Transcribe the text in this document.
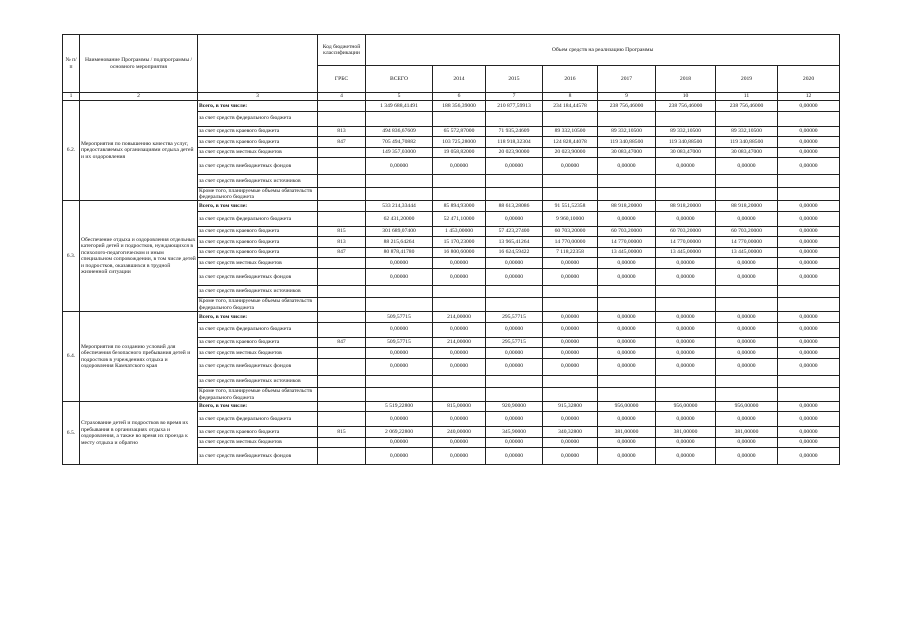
№ п/п	Наименование Программы / подпрограммы / основного мероприятия		Код бюджетной классификации	Объем средств на реализацию Программы							
			ГРБС	ВСЕГО	2014	2015	2016	2017	2018	2019	2020
1	2	3	4	5	6	7	8	9	10	11	12
6.2.	Мероприятия по повышению качества услуг, предоставляемых организациями отдыха детей и их оздоровления	Всего, в том числе:		1 349 688,41491	188 356,39000	210 877,59913	234 184,44578	238 756,46000	238 756,46000	238 756,46000	0,00000
		за счет средств федерального бюджета									
		за счет средств краевого бюджета	813	494 836,67609	65 572,87000	71 935,24609	89 332,10500	89 332,10500	89 332,10500	89 332,10500	0,00000
		за счет средств краевого бюджета	847	705 494,70882	103 725,28000	118 918,32304	124 828,44078	119 340,88500	119 340,88500	119 340,88500	0,00000
		за счет средств местных бюджетов		149 357,03000	19 058,82000	20 023,90000	20 023,90000	30 083,47000	30 083,47000	30 083,47000	0,00000
		за счет средств внебюджетных фондов		0,00000	0,00000	0,00000	0,00000	0,00000	0,00000	0,00000	0,00000
		за счет средств внебюджетных источников									
		Кроме того, планируемые объемы обязательств федерального бюджета									
6.3.	Обеспечение отдыха и оздоровления отдельных категорий детей и подростков, нуждающихся в психолого-педагогическом и иным специальном сопровождении, в том числе детей и подростков, оказавшихся в трудной жизненной ситуации	Всего, в том числе:		533 214,33444	85 894,93000	88 613,28086	91 551,52358	88 918,20000	88 918,20000	88 918,20000	0,00000
		за счет средств федерального бюджета		62 431,20000	52 471,10000	0,00000	9 960,10000	0,00000	0,00000	0,00000	0,00000
		за счет средств краевого бюджета	815	301 689,07400	1 453,00000	57 423,27400	60 703,20000	60 703,20000	60 703,20000	60 703,20000	0,00000
		за счет средств краевого бюджета	813	88 215,64264	15 170,23000	13 965,41264	14 770,00000	14 770,00000	14 770,00000	14 770,00000	0,00000
		за счет средств краевого бюджета	847	80 878,41780	16 800,60000	16 624,59422	7 118,22358	13 445,00000	13 445,00000	13 445,00000	0,00000
		за счет средств местных бюджетов		0,00000	0,00000	0,00000	0,00000	0,00000	0,00000	0,00000	0,00000
		за счет средств внебюджетных фондов		0,00000	0,00000	0,00000	0,00000	0,00000	0,00000	0,00000	0,00000
		за счет средств внебюджетных источников									
		Кроме того, планируемые объемы обязательств федерального бюджета									
6.4.	Мероприятия по созданию условий для обеспечения безопасного пребывания детей и подростков в учреждениях отдыха и оздоровления Камчатского края	Всего, в том числе:		509,57715	214,00000	295,57715	0,00000	0,00000	0,00000	0,00000	0,00000
		за счет средств федерального бюджета		0,00000	0,00000	0,00000	0,00000	0,00000	0,00000	0,00000	0,00000
		за счет средств краевого бюджета	847	509,57715	214,00000	295,57715	0,00000	0,00000	0,00000	0,00000	0,00000
		за счет средств местных бюджетов		0,00000	0,00000	0,00000	0,00000	0,00000	0,00000	0,00000	0,00000
		за счет средств внебюджетных фондов		0,00000	0,00000	0,00000	0,00000	0,00000	0,00000	0,00000	0,00000
		за счет средств внебюджетных источников									
		Кроме того, планируемые объемы обязательств федерального бюджета									
6.5.	Страхование детей и подростков во время их пребывания в организациях отдыха и оздоровления, а также во время их проезда к месту отдыха и обратно	Всего, в том числе:		5 519,22800	815,00000	920,90000	915,32800	956,00000	956,00000	956,00000	0,00000
		за счет средств федерального бюджета		0,00000	0,00000	0,00000	0,00000	0,00000	0,00000	0,00000	0,00000
		за счет средств краевого бюджета	815	2 069,22800	240,00000	345,90000	340,32800	381,00000	381,00000	381,00000	0,00000
		за счет средств местных бюджетов		0,00000	0,00000	0,00000	0,00000	0,00000	0,00000	0,00000	0,00000
		за счет средств внебюджетных фондов		0,00000	0,00000	0,00000	0,00000	0,00000	0,00000	0,00000	0,00000
